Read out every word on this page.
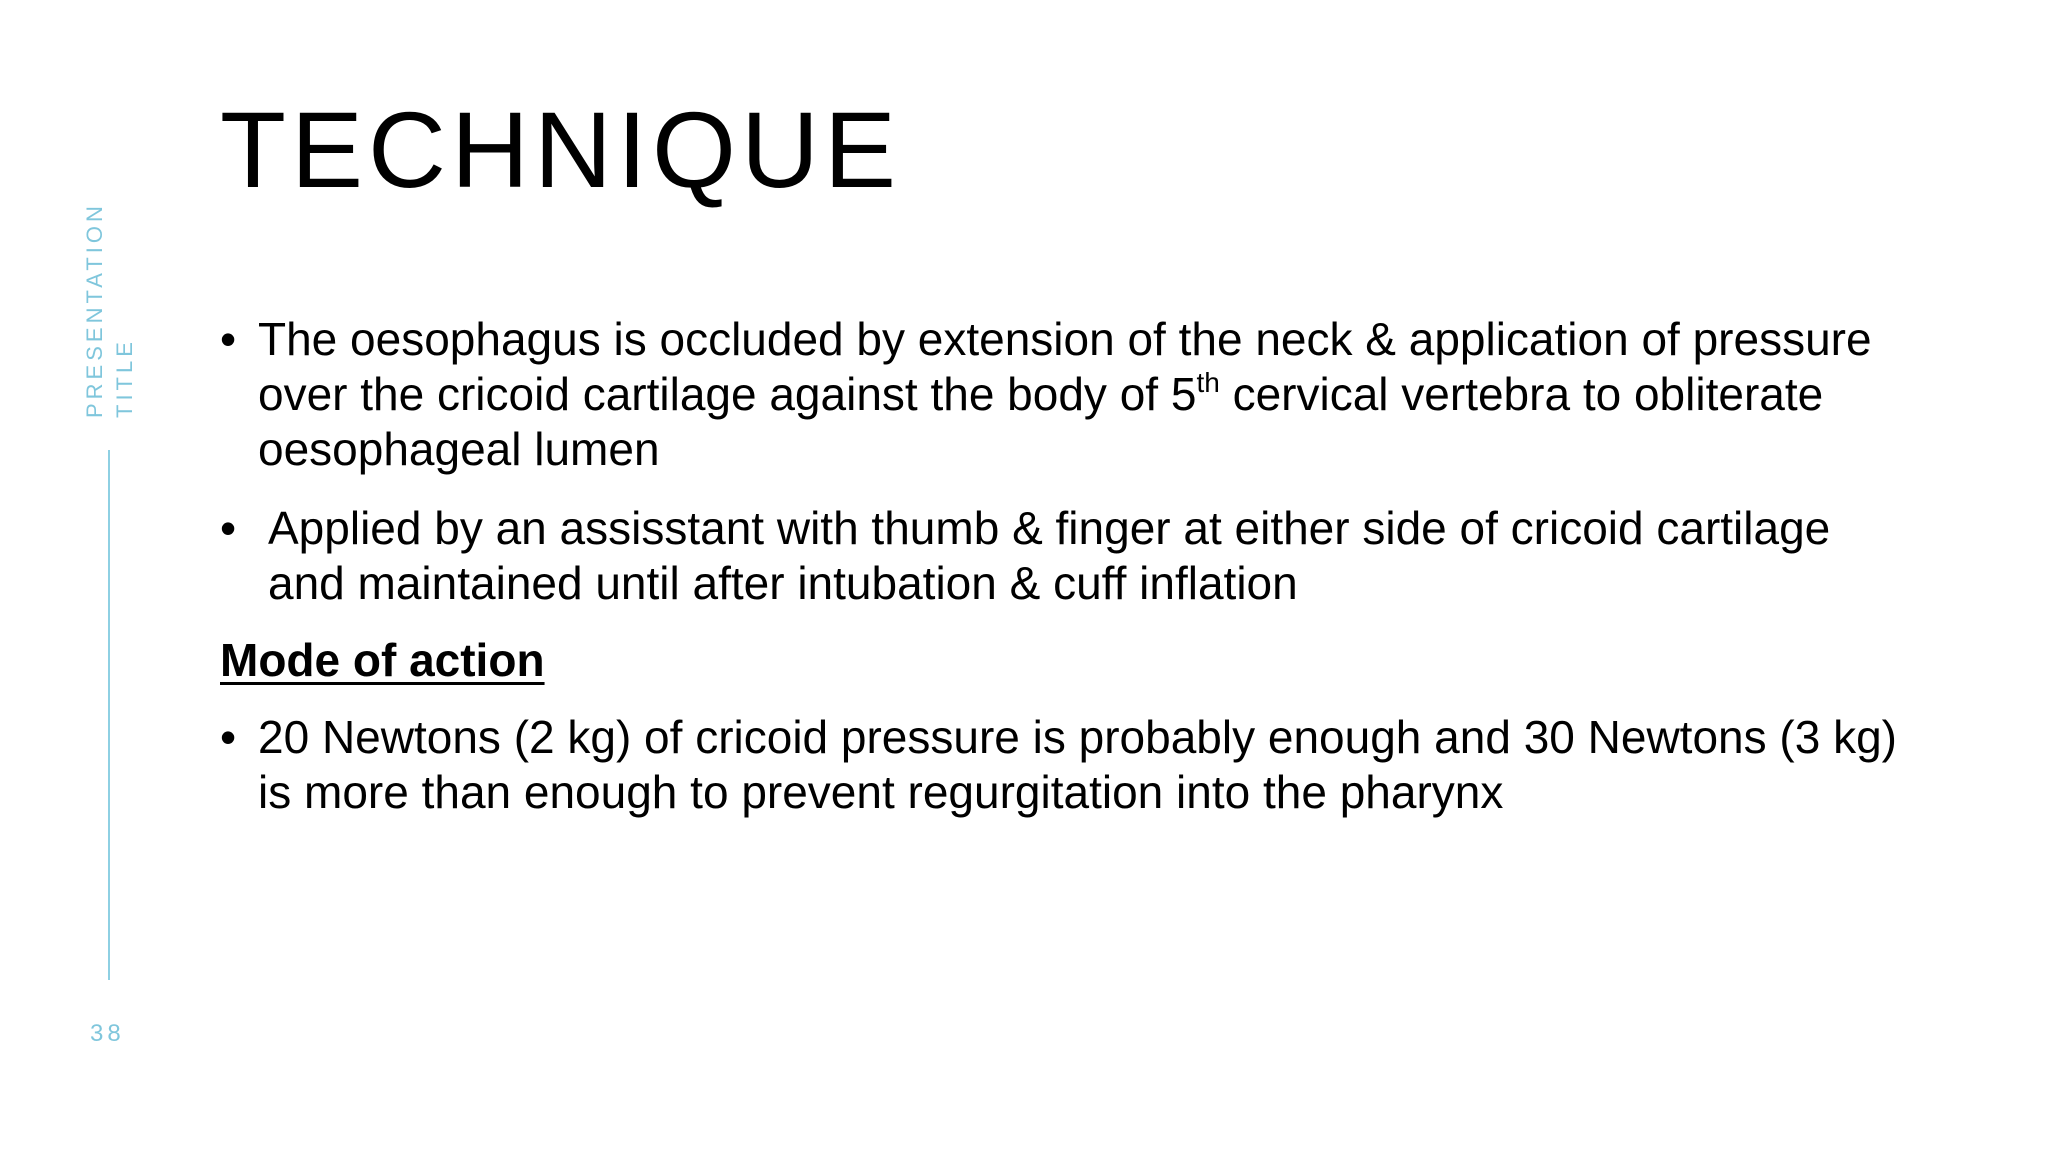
PRESENTATION TITLE
38
TECHNIQUE
• The oesophagus is occluded by extension of the neck & application of pressure over the cricoid cartilage against the body of 5th cervical vertebra to obliterate oesophageal lumen
• Applied by an assisstant with thumb & finger at either side of cricoid cartilage and maintained until after intubation & cuff inflation
Mode of action
• 20 Newtons (2 kg) of cricoid pressure is probably enough and 30 Newtons (3 kg) is more than enough to prevent regurgitation into the pharynx
